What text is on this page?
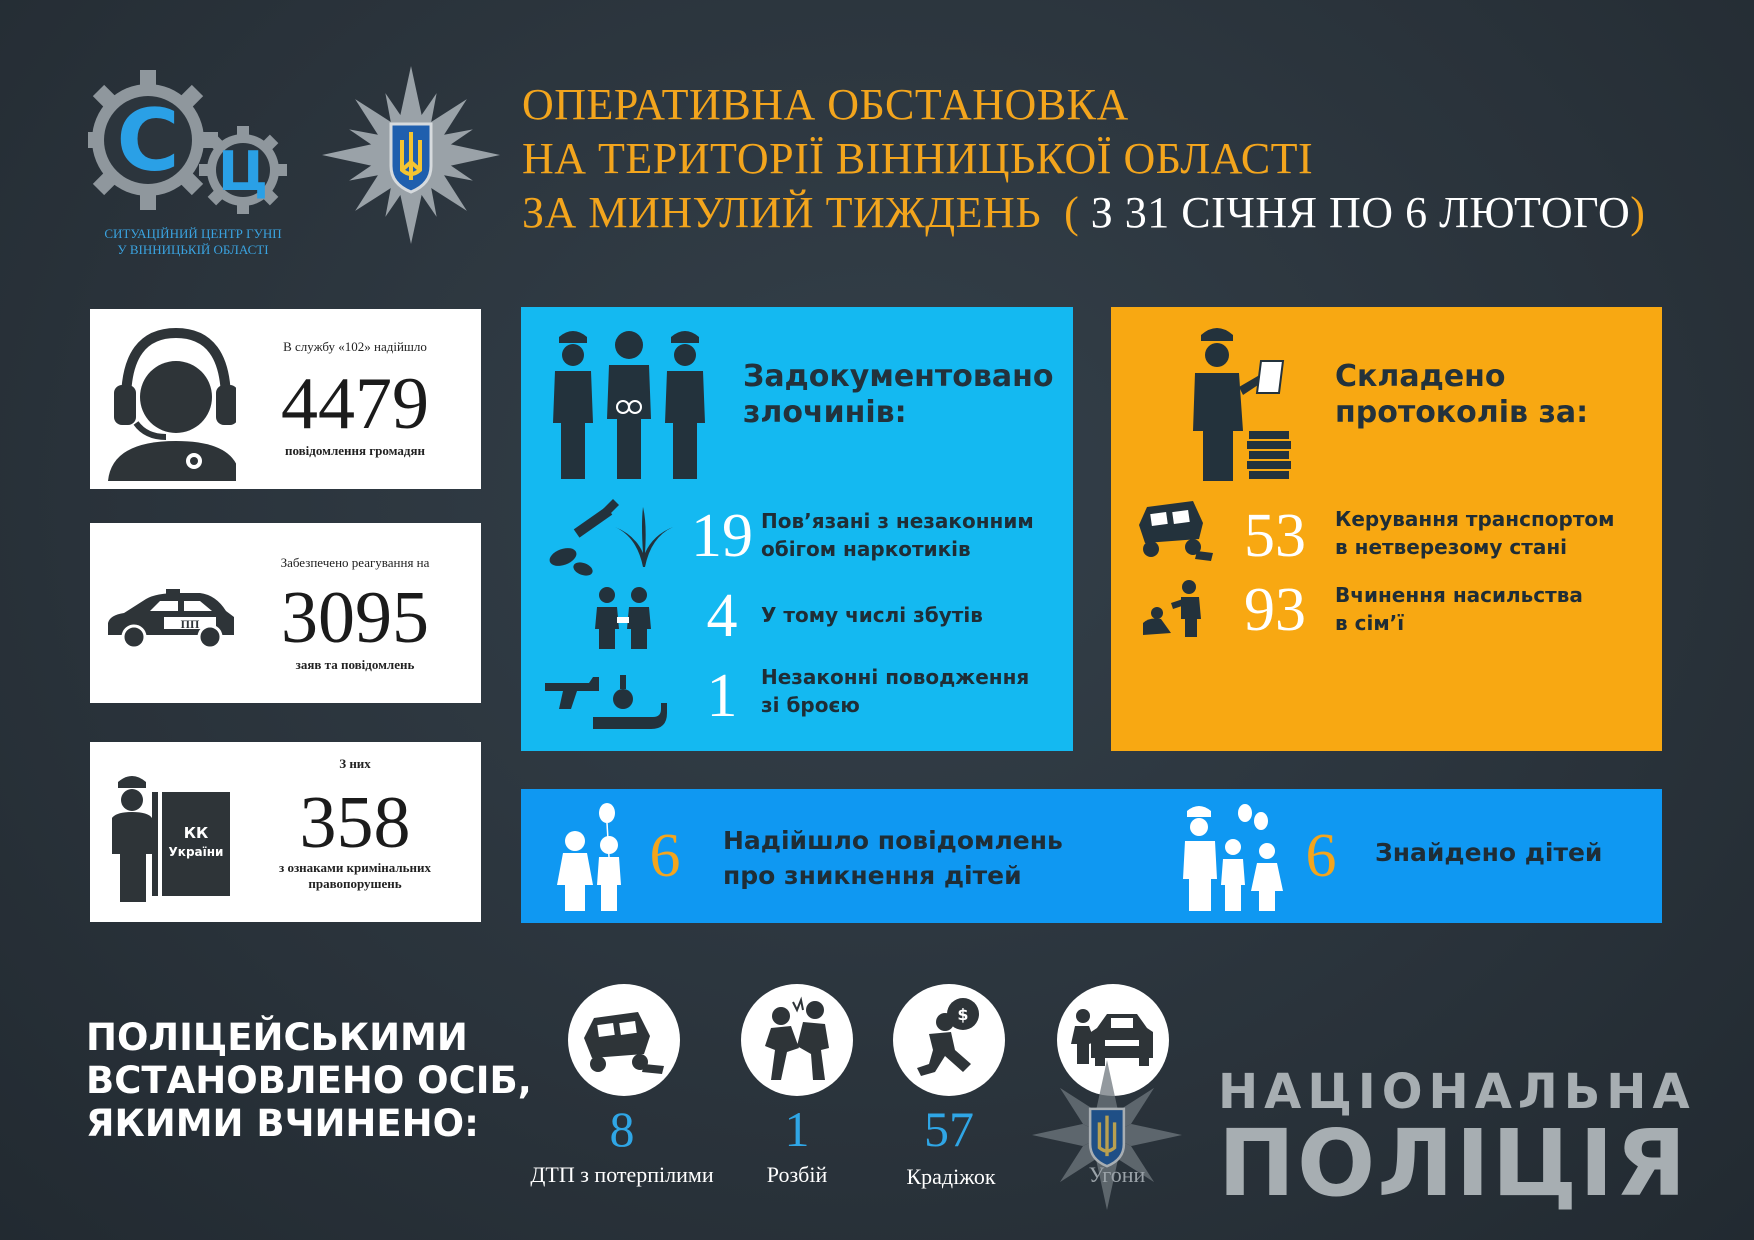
С Ц
СИТУАЦІЙНИЙ ЦЕНТР ГУНП
У ВІННИЦЬКІЙ ОБЛАСТІ
ОПЕРАТИВНА ОБСТАНОВКА
НА ТЕРИТОРІЇ ВІННИЦЬКОЇ ОБЛАСТІ
ЗА МИНУЛИЙ ТИЖДЕНЬ ( З 31 СІЧНЯ ПО 6 ЛЮТОГО)
В службу «102» надійшло
4479
повідомлення громадян
ПП
Забезпечено реагування на
3095
заяв та повідомлень
КК
України
З них
358
з ознаками кримінальних
правопорушень
Задокументовано
злочинів:
19 Пов’язані з незаконним
обігом наркотиків
4	У тому числі збутів
1	Незаконні поводження
зі броєю
Складено
протоколів за:
53	Керування транспортом
в нетверезому стані
93	Вчинення насильства
в сім’ї
6	Надійшло повідомлень
про зникнення дітей	6	Знайдено дітей
ПОЛІЦЕЙСЬКИМИ
ВСТАНОВЛЕНО ОСІБ,
ЯКИМИ ВЧИНЕНО:	8
ДТП з потерпілими
1
Розбій
$
57
Крадіжок	Угони
НАЦІОНАЛЬНА
ПОЛІЦІЯ
